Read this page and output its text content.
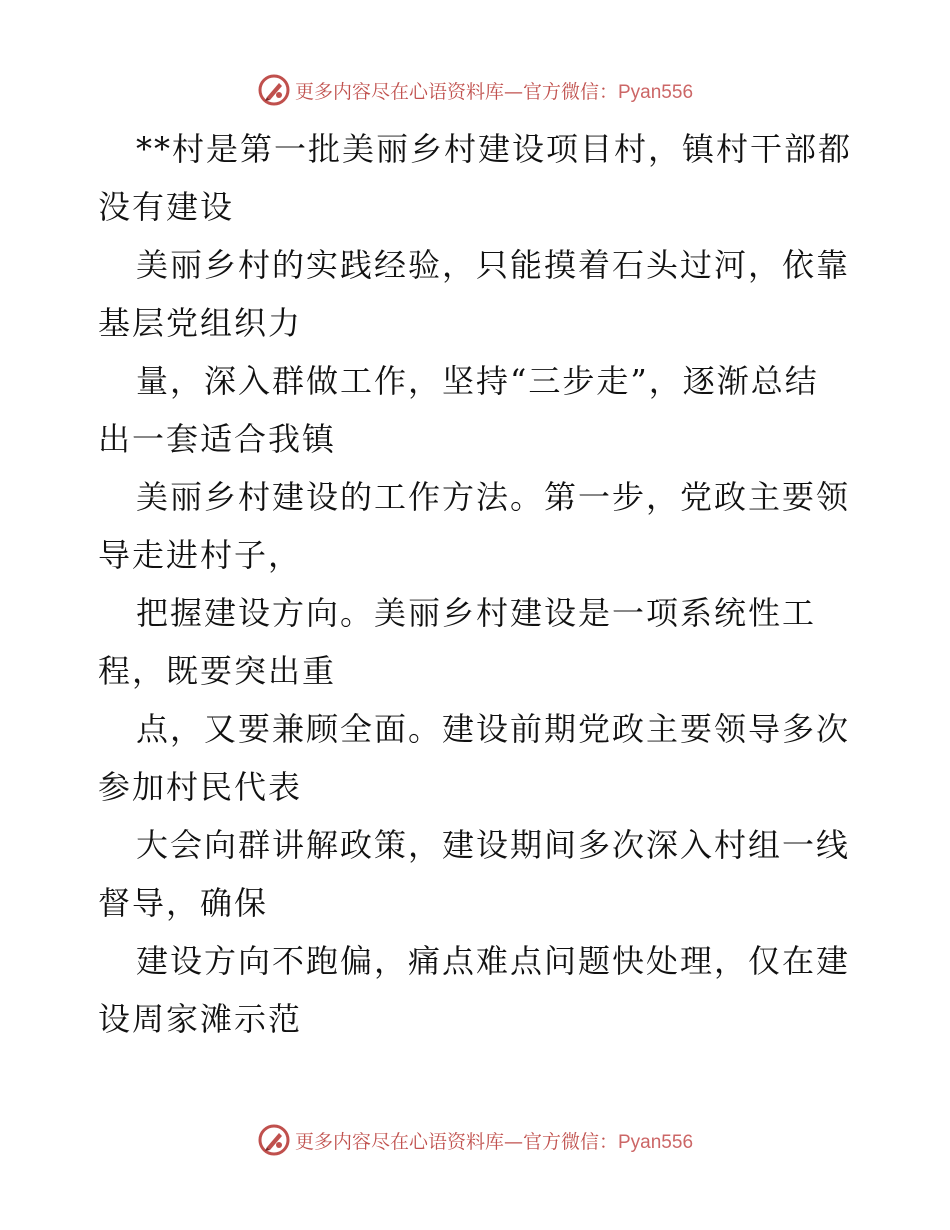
更多内容尽在心语资料库—官方微信：Pyan556
**村是第一批美丽乡村建设项目村，镇村干部都
没有建设
美丽乡村的实践经验，只能摸着石头过河，依靠
基层党组织力
量，深入群做工作，坚持“三步走”，逐渐总结
出一套适合我镇
美丽乡村建设的工作方法。第一步，党政主要领
导走进村子，
把握建设方向。美丽乡村建设是一项系统性工
程，既要突出重
点，又要兼顾全面。建设前期党政主要领导多次
参加村民代表
大会向群讲解政策，建设期间多次深入村组一线
督导，确保
建设方向不跑偏，痛点难点问题快处理，仅在建
设周家滩示范
更多内容尽在心语资料库—官方微信：Pyan556
